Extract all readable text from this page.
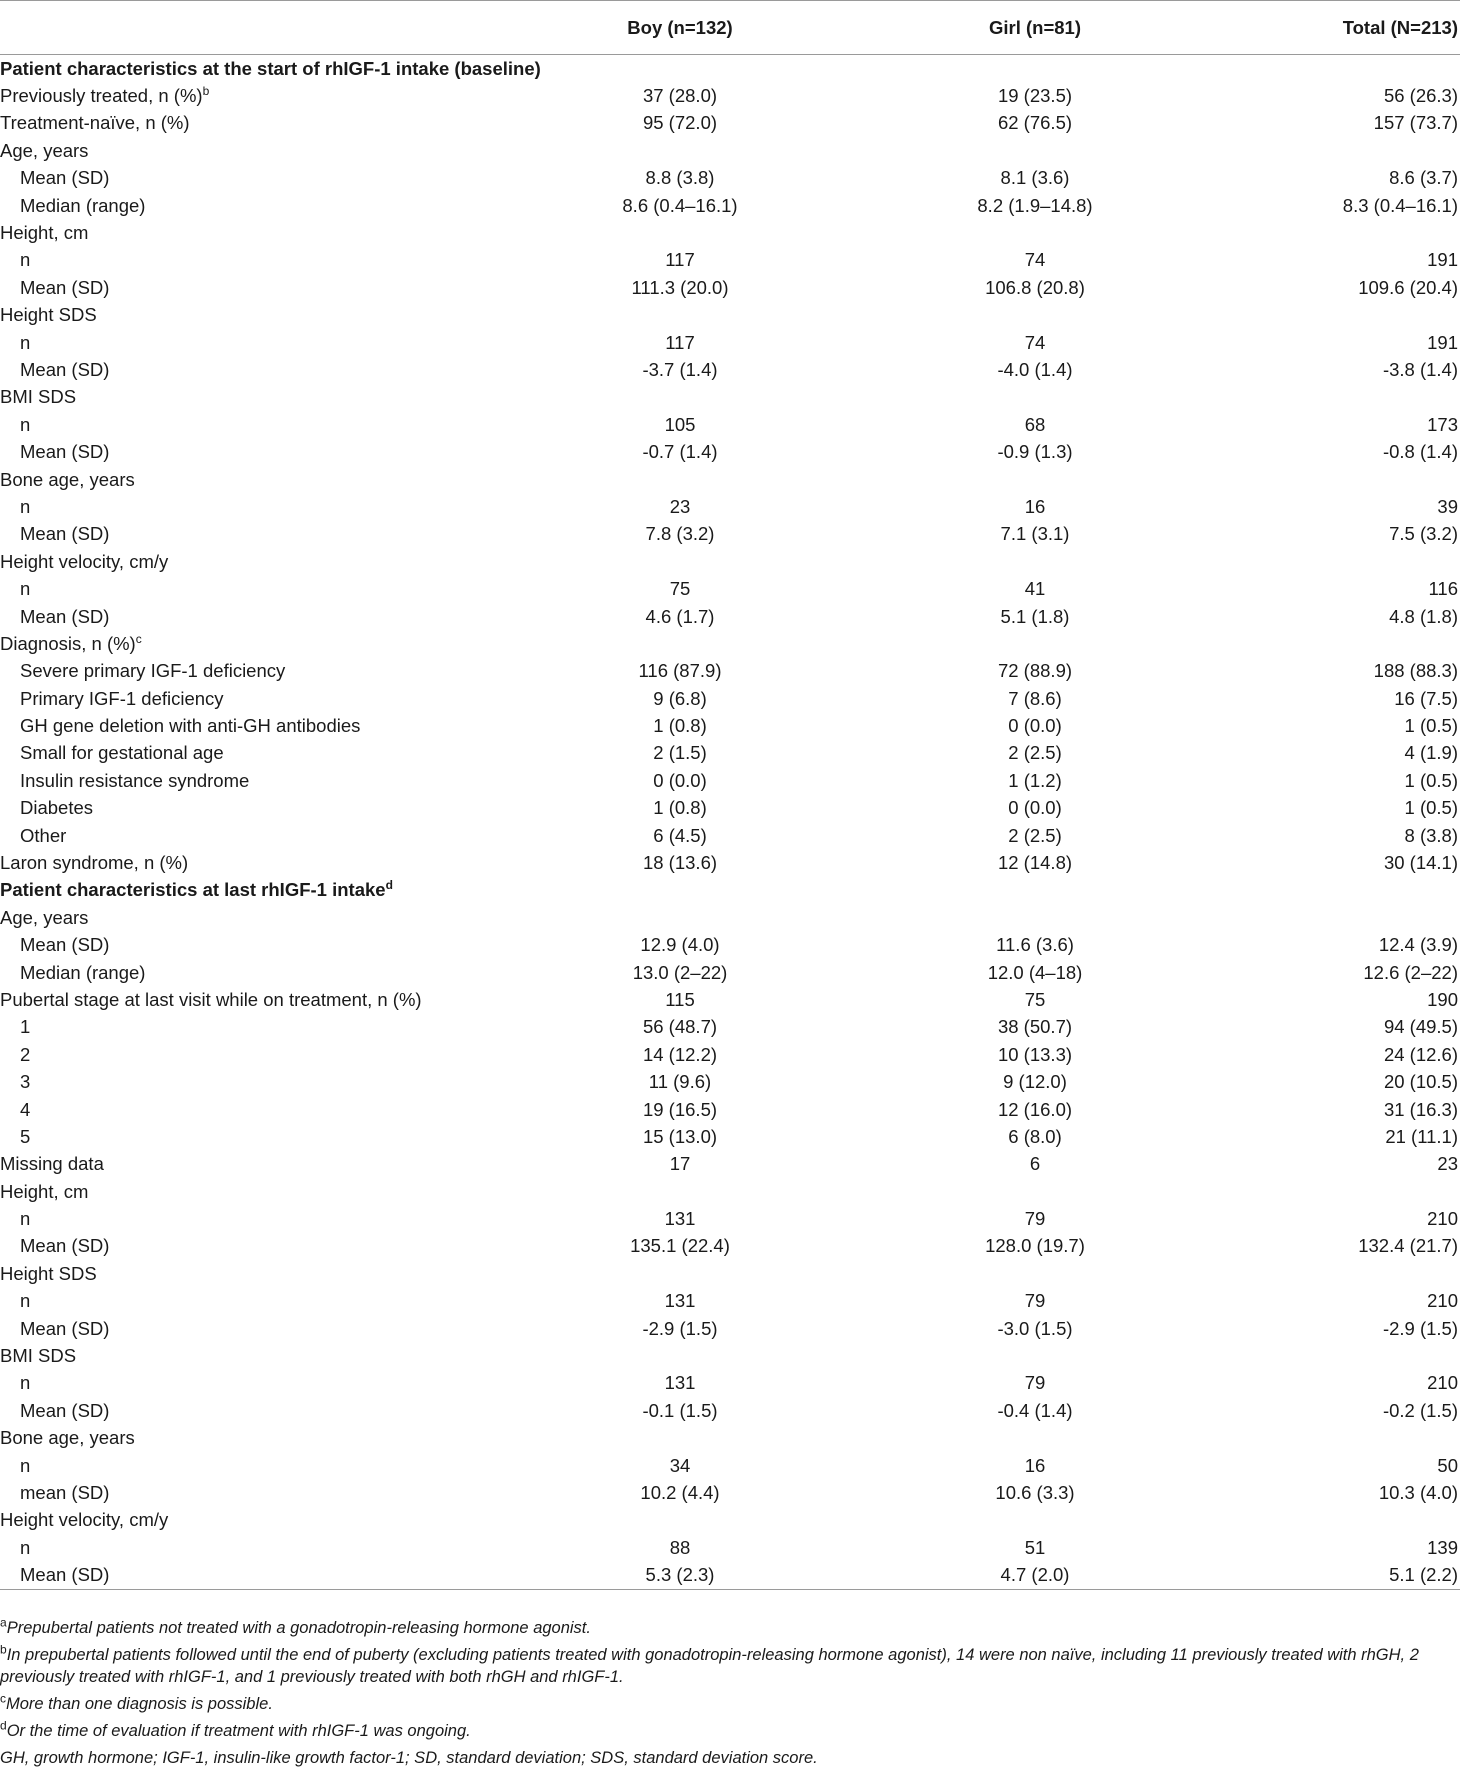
	Boy (n=132)	Girl (n=81)	Total (N=213)
Patient characteristics at the start of rhIGF-1 intake (baseline)			
Previously treated, n (%)$^b$	37 (28.0)	19 (23.5)	56 (26.3)
Treatment-naïve, n (%)	95 (72.0)	62 (76.5)	157 (73.7)
Age, years			
Mean (SD)	8.8 (3.8)	8.1 (3.6)	8.6 (3.7)
Median (range)	8.6 (0.4–16.1)	8.2 (1.9–14.8)	8.3 (0.4–16.1)
Height, cm			
n	117	74	191
Mean (SD)	111.3 (20.0)	106.8 (20.8)	109.6 (20.4)
Height SDS			
n	117	74	191
Mean (SD)	-3.7 (1.4)	-4.0 (1.4)	-3.8 (1.4)
BMI SDS			
n	105	68	173
Mean (SD)	-0.7 (1.4)	-0.9 (1.3)	-0.8 (1.4)
Bone age, years			
n	23	16	39
Mean (SD)	7.8 (3.2)	7.1 (3.1)	7.5 (3.2)
Height velocity, cm/y			
n	75	41	116
Mean (SD)	4.6 (1.7)	5.1 (1.8)	4.8 (1.8)
Diagnosis, n (%)$^c$			
Severe primary IGF-1 deficiency	116 (87.9)	72 (88.9)	188 (88.3)
Primary IGF-1 deficiency	9 (6.8)	7 (8.6)	16 (7.5)
GH gene deletion with anti-GH antibodies	1 (0.8)	0 (0.0)	1 (0.5)
Small for gestational age	2 (1.5)	2 (2.5)	4 (1.9)
Insulin resistance syndrome	0 (0.0)	1 (1.2)	1 (0.5)
Diabetes	1 (0.8)	0 (0.0)	1 (0.5)
Other	6 (4.5)	2 (2.5)	8 (3.8)
Laron syndrome, n (%)	18 (13.6)	12 (14.8)	30 (14.1)
Patient characteristics at last rhIGF-1 intake$^d$			
Age, years			
Mean (SD)	12.9 (4.0)	11.6 (3.6)	12.4 (3.9)
Median (range)	13.0 (2–22)	12.0 (4–18)	12.6 (2–22)
Pubertal stage at last visit while on treatment, n (%)	115	75	190
1	56 (48.7)	38 (50.7)	94 (49.5)
2	14 (12.2)	10 (13.3)	24 (12.6)
3	11 (9.6)	9 (12.0)	20 (10.5)
4	19 (16.5)	12 (16.0)	31 (16.3)
5	15 (13.0)	6 (8.0)	21 (11.1)
Missing data	17	6	23
Height, cm			
n	131	79	210
Mean (SD)	135.1 (22.4)	128.0 (19.7)	132.4 (21.7)
Height SDS			
n	131	79	210
Mean (SD)	-2.9 (1.5)	-3.0 (1.5)	-2.9 (1.5)
BMI SDS			
n	131	79	210
Mean (SD)	-0.1 (1.5)	-0.4 (1.4)	-0.2 (1.5)
Bone age, years			
n	34	16	50
mean (SD)	10.2 (4.4)	10.6 (3.3)	10.3 (4.0)
Height velocity, cm/y			
n	88	51	139
Mean (SD)	5.3 (2.3)	4.7 (2.0)	5.1 (2.2)
$^a$Prepubertal patients not treated with a gonadotropin-releasing hormone agonist.
$^b$In prepubertal patients followed until the end of puberty (excluding patients treated with gonadotropin-releasing hormone agonist), 14 were non naïve, including 11 previously treated with rhGH, 2 previously treated with rhIGF-1, and 1 previously treated with both rhGH and rhIGF-1.
$^c$More than one diagnosis is possible.
$^d$Or the time of evaluation if treatment with rhIGF-1 was ongoing.
GH, growth hormone; IGF-1, insulin-like growth factor-1; SD, standard deviation; SDS, standard deviation score.
